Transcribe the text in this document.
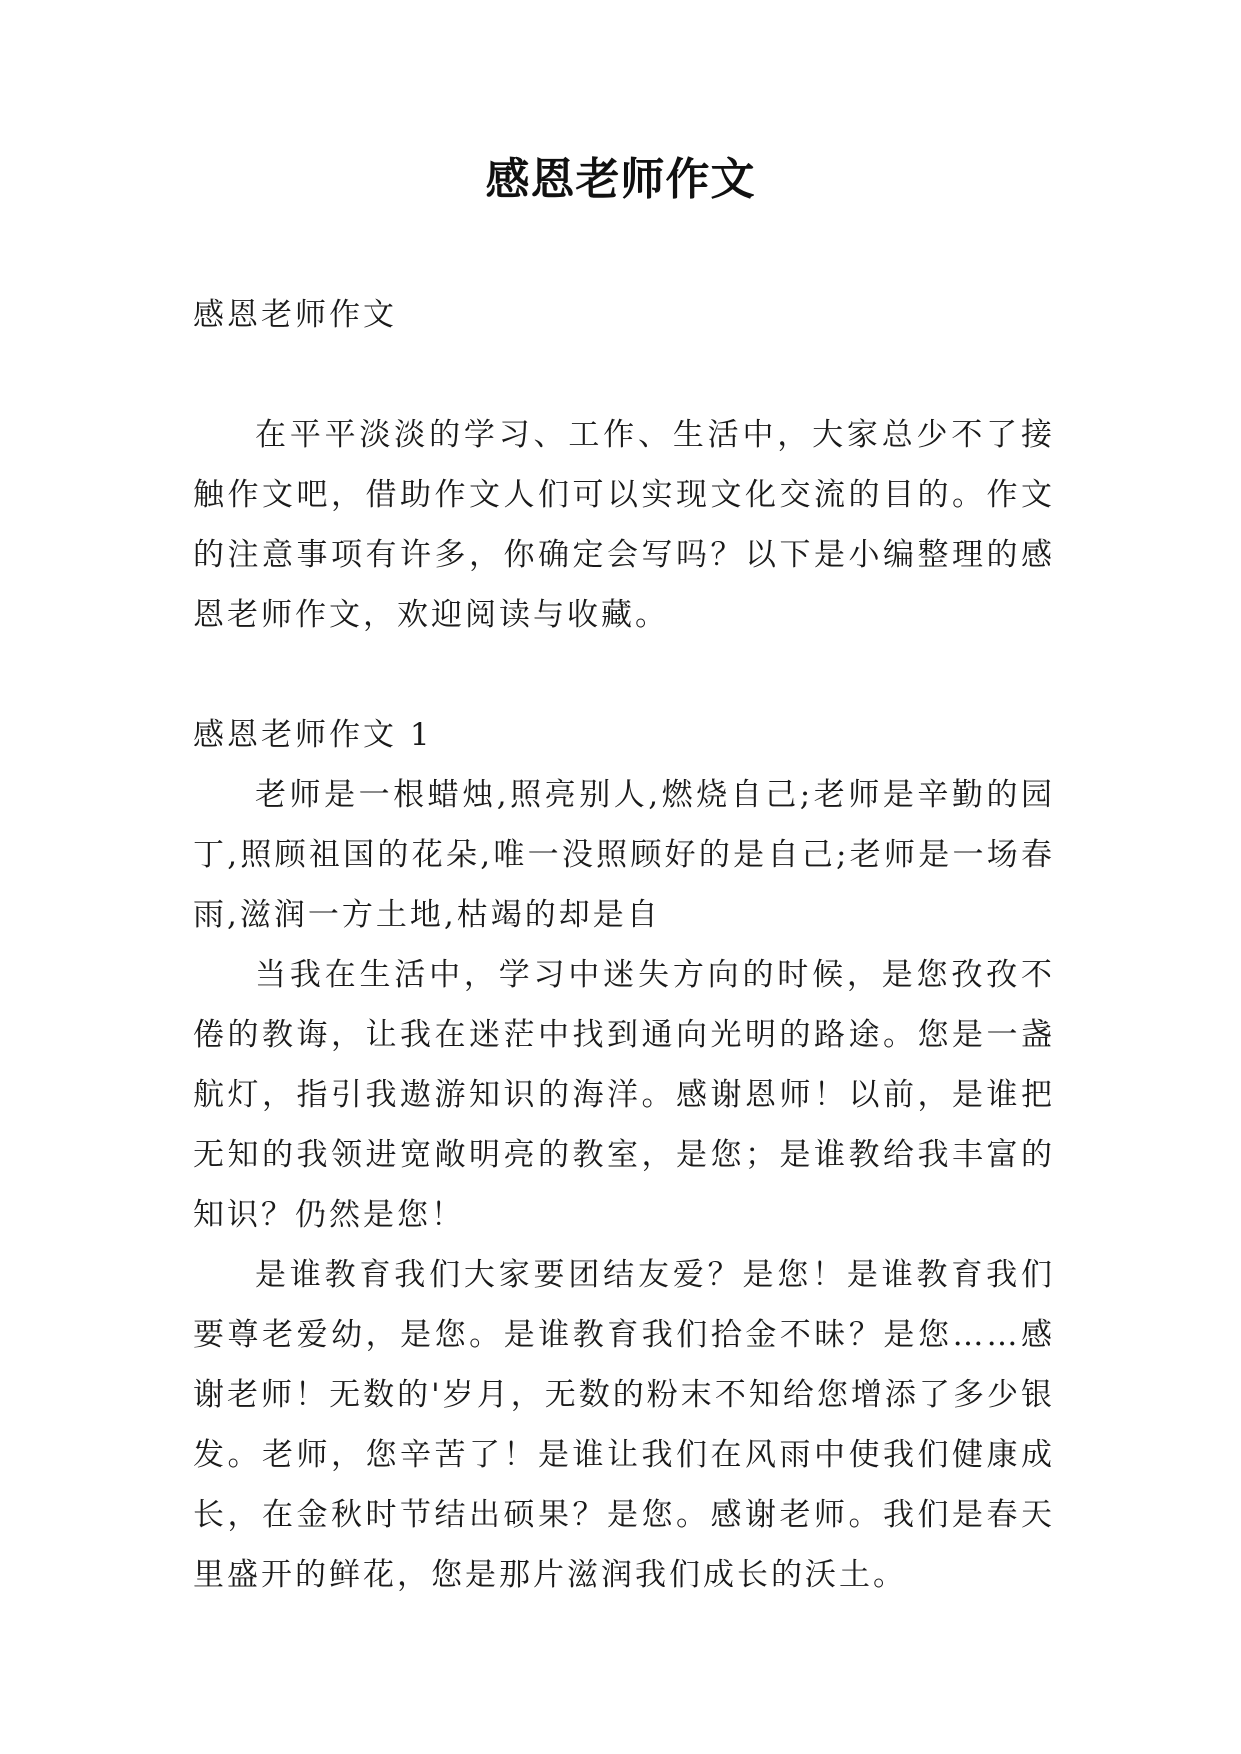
感恩老师作文

感恩老师作文

在平平淡淡的学习、工作、生活中，大家总少不了接触作文吧，借助作文人们可以实现文化交流的目的。作文的注意事项有许多，你确定会写吗？以下是小编整理的感恩老师作文，欢迎阅读与收藏。

感恩老师作文 1

老师是一根蜡烛,照亮别人,燃烧自己;老师是辛勤的园丁,照顾祖国的花朵,唯一没照顾好的是自己;老师是一场春雨,滋润一方土地,枯竭的却是自

当我在生活中，学习中迷失方向的时候，是您孜孜不倦的教诲，让我在迷茫中找到通向光明的路途。您是一盏航灯，指引我遨游知识的海洋。感谢恩师！以前，是谁把无知的我领进宽敞明亮的教室，是您；是谁教给我丰富的知识？仍然是您！

是谁教育我们大家要团结友爱？是您！是谁教育我们要尊老爱幼，是您。是谁教育我们拾金不昧？是您……感谢老师！无数的'岁月，无数的粉末不知给您增添了多少银发。老师，您辛苦了！是谁让我们在风雨中使我们健康成长，在金秋时节结出硕果？是您。感谢老师。我们是春天里盛开的鲜花，您是那片滋润我们成长的沃土。
